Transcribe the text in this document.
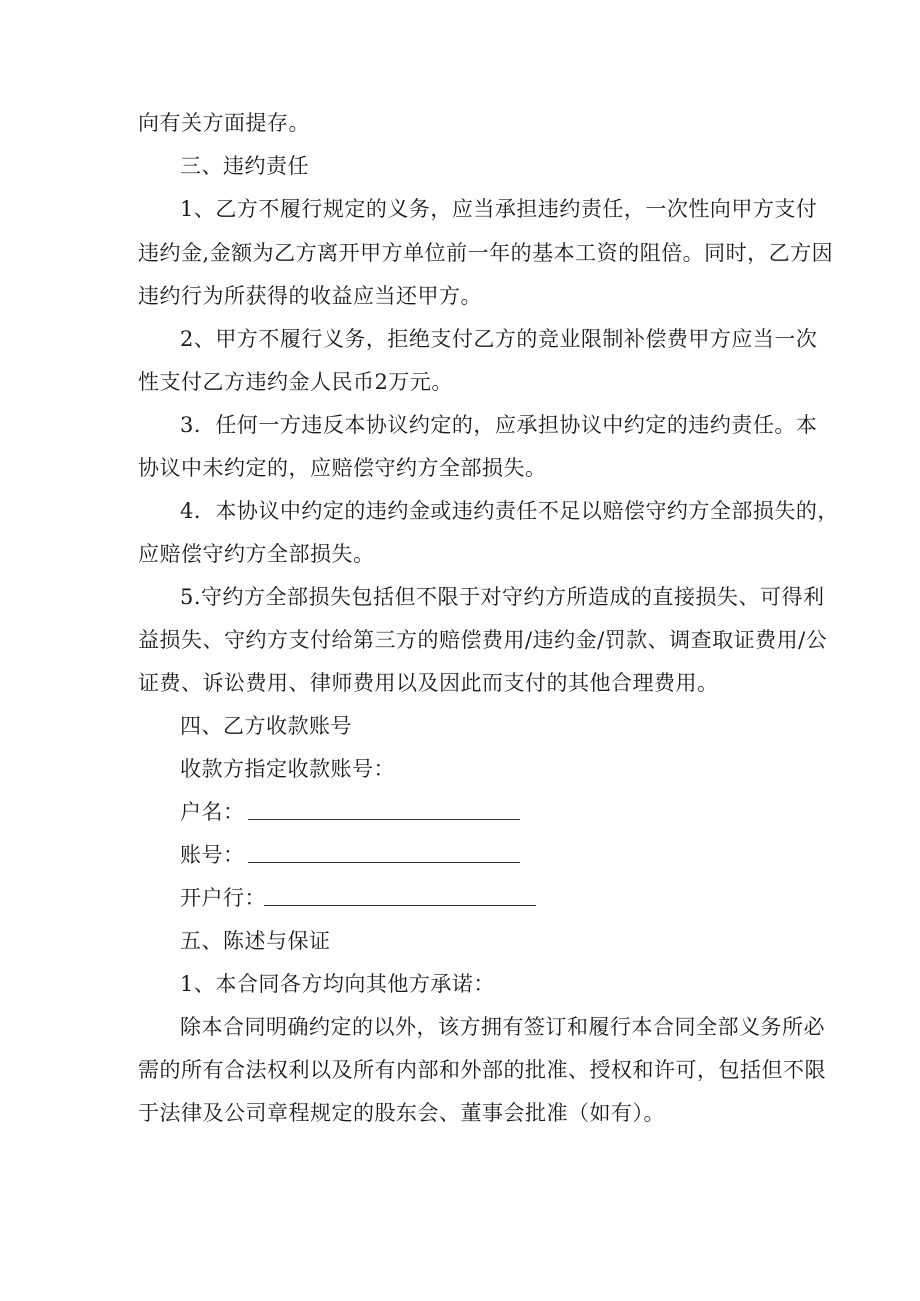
向有关方面提存。
三、违约责任
1、乙方不履行规定的义务，应当承担违约责任，一次性向甲方支付
违约金,金额为乙方离开甲方单位前一年的基本工资的阻倍。同时，乙方因
违约行为所获得的收益应当还甲方。
2、甲方不履行义务，拒绝支付乙方的竞业限制补偿费甲方应当一次
性支付乙方违约金人民币2万元。
3．任何一方违反本协议约定的，应承担协议中约定的违约责任。本
协议中未约定的，应赔偿守约方全部损失。
4．本协议中约定的违约金或违约责任不足以赔偿守约方全部损失的，
应赔偿守约方全部损失。
5.守约方全部损失包括但不限于对守约方所造成的直接损失、可得利
益损失、守约方支付给第三方的赔偿费用/违约金/罚款、调查取证费用/公
证费、诉讼费用、律师费用以及因此而支付的其他合理费用。
四、乙方收款账号
收款方指定收款账号：
户名：
账号：
开户行：
五、陈述与保证
1、本合同各方均向其他方承诺：
除本合同明确约定的以外，该方拥有签订和履行本合同全部义务所必
需的所有合法权利以及所有内部和外部的批准、授权和许可，包括但不限
于法律及公司章程规定的股东会、董事会批准（如有）。
